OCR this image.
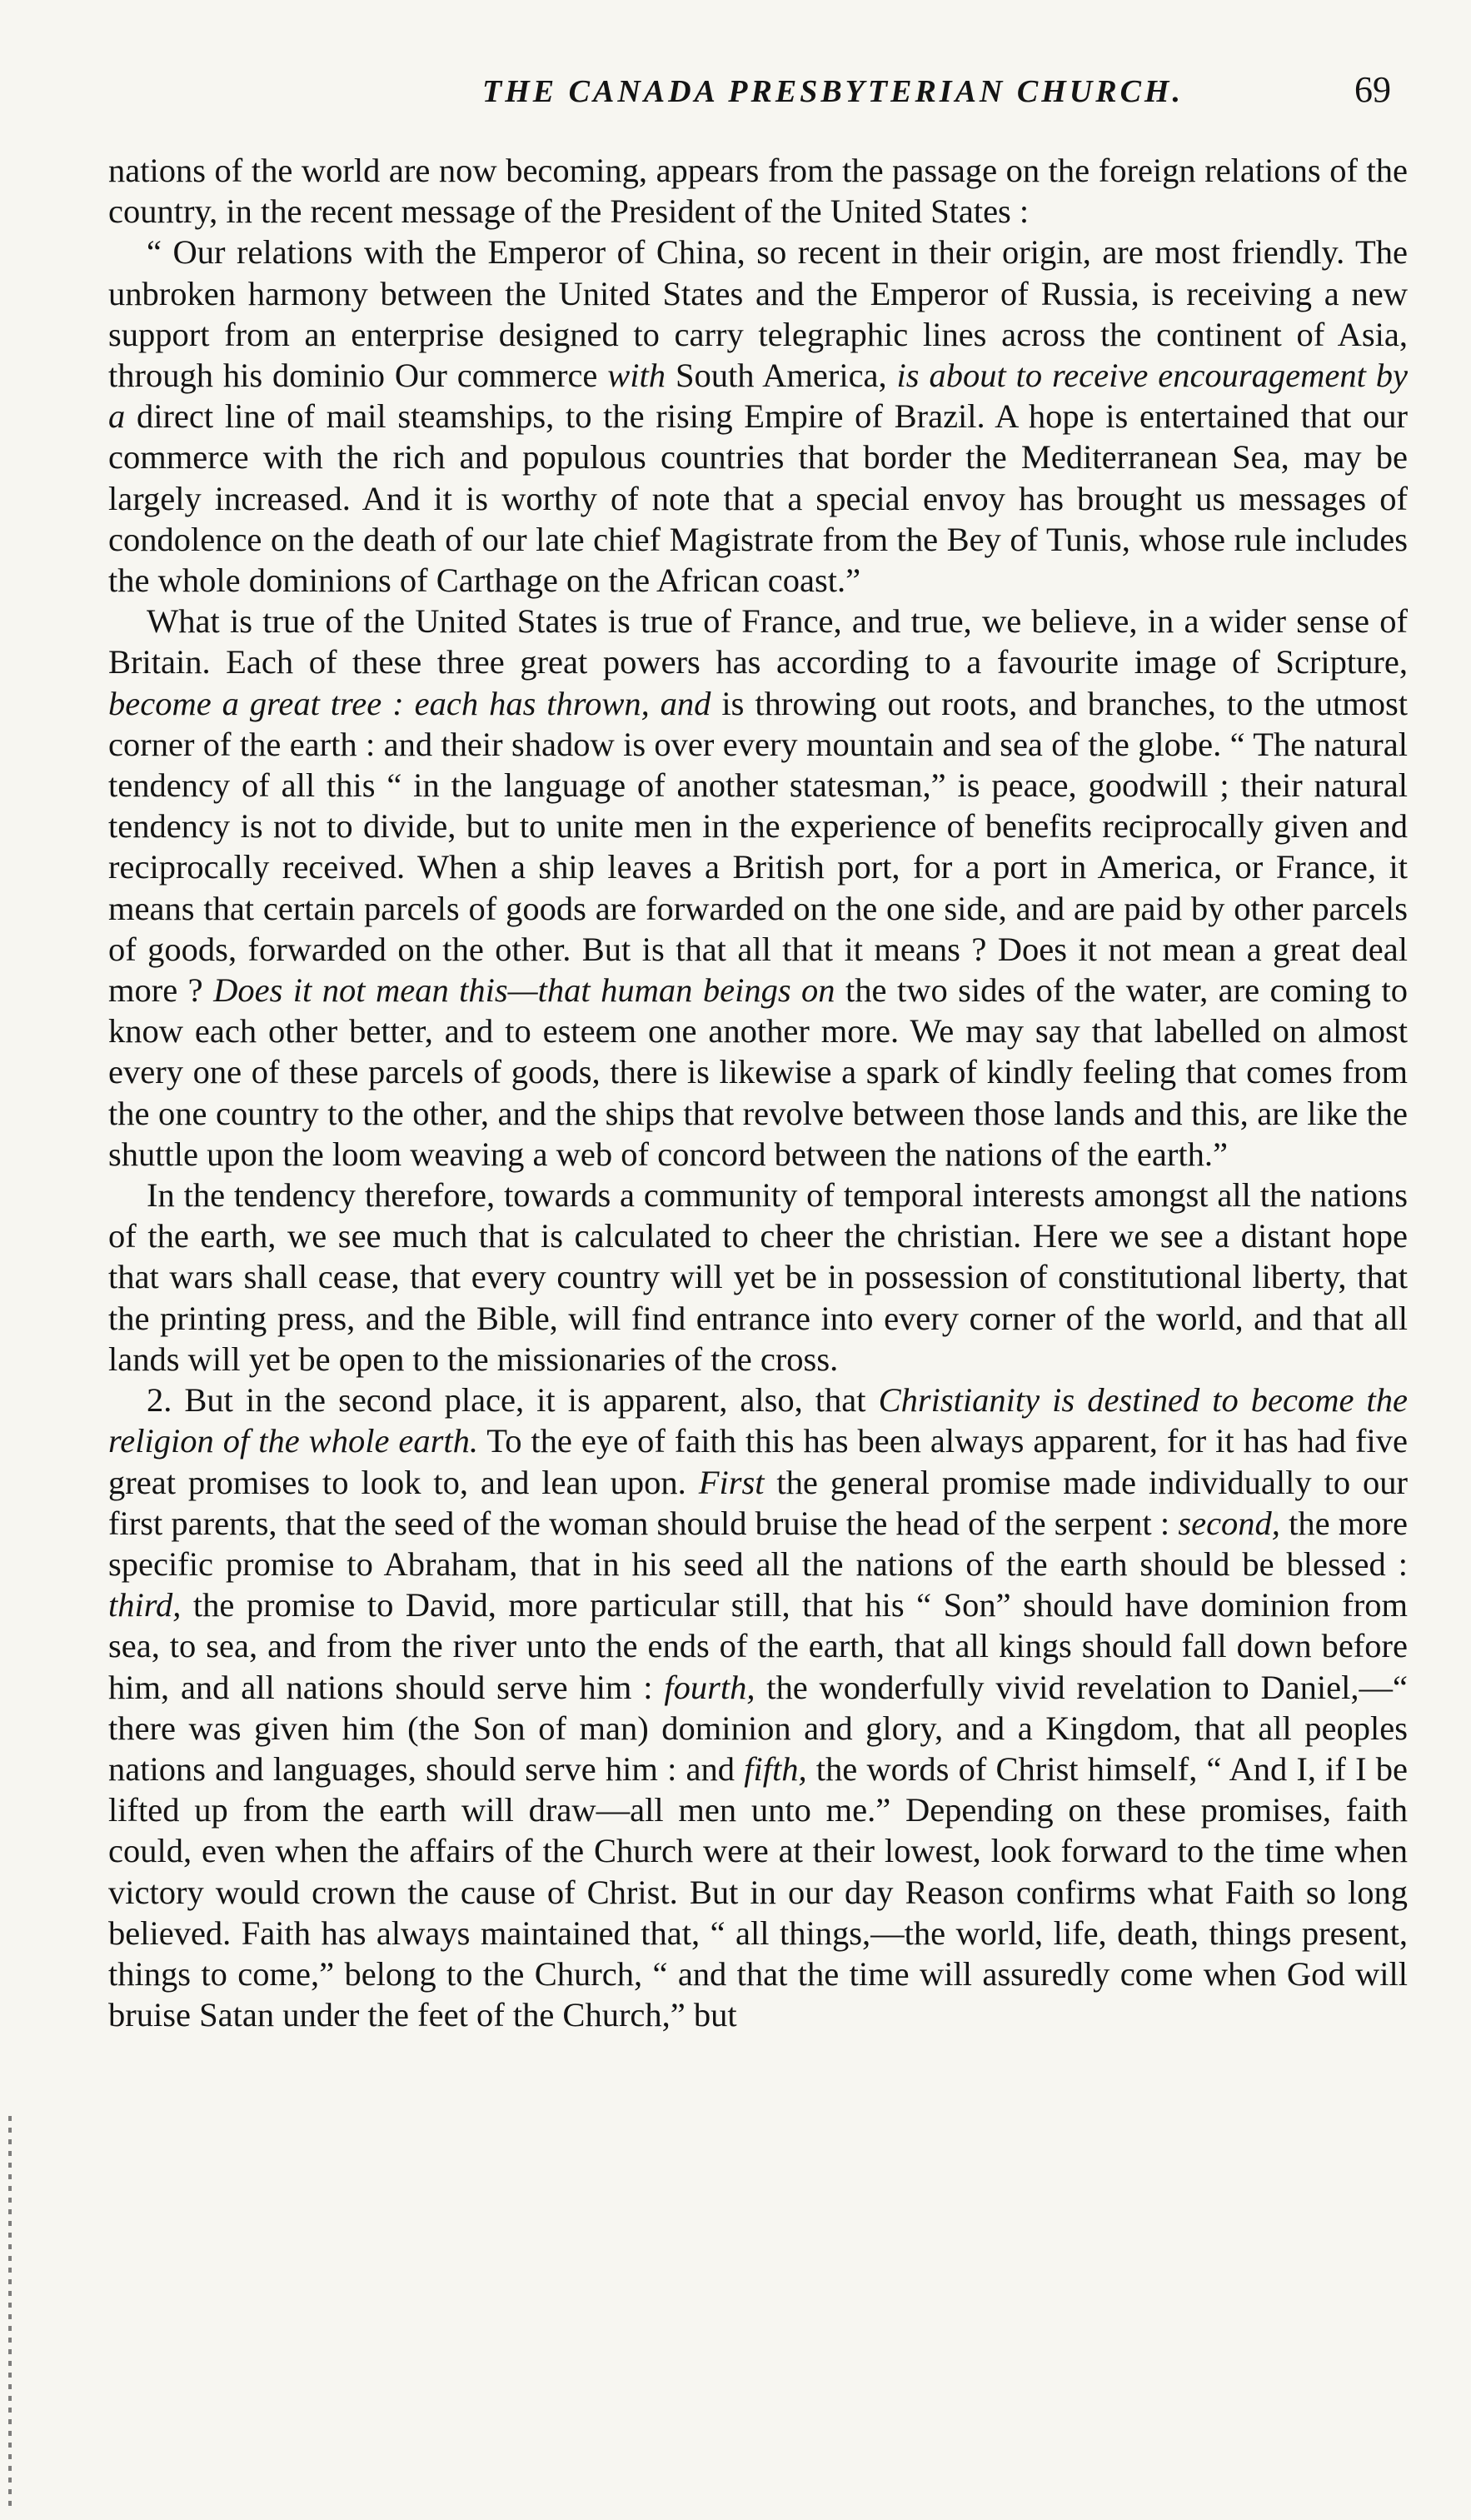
THE CANADA PRESBYTERIAN CHURCH.	69

nations of the world are now becoming, appears from the passage on the foreign relations of the country, in the recent message of the President of the United States :

“ Our relations with the Emperor of China, so recent in their origin, are most friendly. The unbroken harmony between the United States and the Emperor of Russia, is receiving a new support from an enterprise designed to carry telegraphic lines across the continent of Asia, through his dominio Our commerce with South America, is about to receive encouragement by a direct line of mail steamships, to the rising Empire of Brazil. A hope is entertained that our commerce with the rich and populous countries that border the Mediterranean Sea, may be largely increased. And it is worthy of note that a special envoy has brought us messages of condolence on the death of our late chief Magistrate from the Bey of Tunis, whose rule includes the whole dominions of Carthage on the African coast.”

What is true of the United States is true of France, and true, we believe, in a wider sense of Britain. Each of these three great powers has according to a favourite image of Scripture, become a great tree : each has thrown, and is throwing out roots, and branches, to the utmost corner of the earth : and their shadow is over every mountain and sea of the globe. “ The natural tendency of all this “ in the language of another statesman,” is peace, goodwill ; their natural tendency is not to divide, but to unite men in the experience of benefits reciprocally given and reciprocally received. When a ship leaves a British port, for a port in America, or France, it means that certain parcels of goods are forwarded on the one side, and are paid by other parcels of goods, forwarded on the other. But is that all that it means ? Does it not mean a great deal more ? Does it not mean this—that human beings on the two sides of the water, are coming to know each other better, and to esteem one another more. We may say that labelled on almost every one of these parcels of goods, there is likewise a spark of kindly feeling that comes from the one country to the other, and the ships that revolve between those lands and this, are like the shuttle upon the loom weaving a web of concord between the nations of the earth.”

In the tendency therefore, towards a community of temporal interests amongst all the nations of the earth, we see much that is calculated to cheer the christian. Here we see a distant hope that wars shall cease, that every country will yet be in possession of constitutional liberty, that the printing press, and the Bible, will find entrance into every corner of the world, and that all lands will yet be open to the missionaries of the cross.

2. But in the second place, it is apparent, also, that Christianity is destined to become the religion of the whole earth. To the eye of faith this has been always apparent, for it has had five great promises to look to, and lean upon. First the general promise made individually to our first parents, that the seed of the woman should bruise the head of the serpent : second, the more specific promise to Abraham, that in his seed all the nations of the earth should be blessed : third, the promise to David, more particular still, that his “ Son” should have dominion from sea, to sea, and from the river unto the ends of the earth, that all kings should fall down before him, and all nations should serve him : fourth, the wonderfully vivid revelation to Daniel,—“ there was given him (the Son of man) dominion and glory, and a Kingdom, that all peoples nations and languages, should serve him : and fifth, the words of Christ himself, “ And I, if I be lifted up from the earth will draw—all men unto me.” Depending on these promises, faith could, even when the affairs of the Church were at their lowest, look forward to the time when victory would crown the cause of Christ. But in our day Reason confirms what Faith so long believed. Faith has always maintained that, “ all things,—the world, life, death, things present, things to come,” belong to the Church, “ and that the time will assuredly come when God will bruise Satan under the feet of the Church,” but
